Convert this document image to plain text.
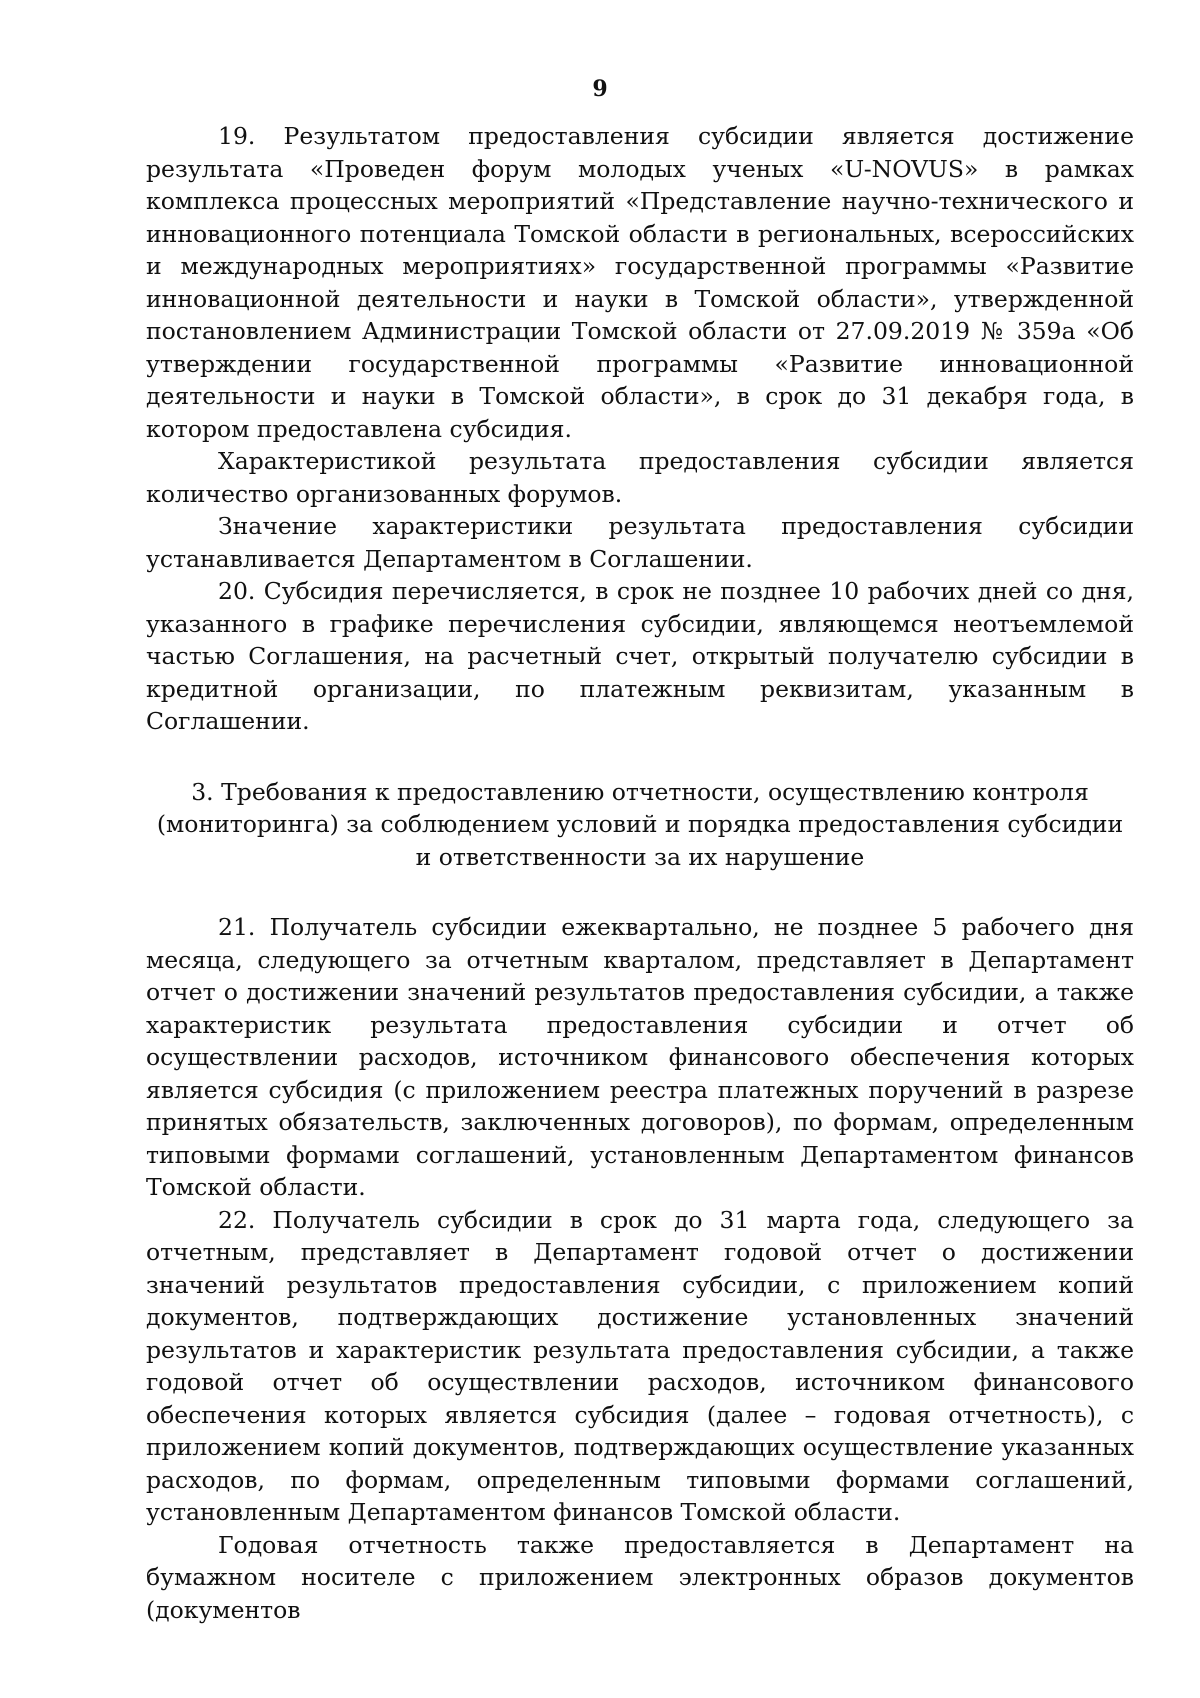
9

19. Результатом предоставления субсидии является достижение результата «Проведен форум молодых ученых «U-NOVUS» в рамках комплекса процессных мероприятий «Представление научно-технического и инновационного потенциала Томской области в региональных, всероссийских и международных мероприятиях» государственной программы «Развитие инновационной деятельности и науки в Томской области», утвержденной постановлением Администрации Томской области от 27.09.2019 № 359а «Об утверждении государственной программы «Развитие инновационной деятельности и науки в Томской области», в срок до 31 декабря года, в котором предоставлена субсидия.

Характеристикой результата предоставления субсидии является количество организованных форумов.

Значение характеристики результата предоставления субсидии устанавливается Департаментом в Соглашении.

20. Субсидия перечисляется, в срок не позднее 10 рабочих дней со дня, указанного в графике перечисления субсидии, являющемся неотъемлемой частью Соглашения, на расчетный счет, открытый получателю субсидии в кредитной организации, по платежным реквизитам, указанным в Соглашении.

3. Требования к предоставлению отчетности, осуществлению контроля
(мониторинга) за соблюдением условий и порядка предоставления субсидии
и ответственности за их нарушение

21. Получатель субсидии ежеквартально, не позднее 5 рабочего дня месяца, следующего за отчетным кварталом, представляет в Департамент отчет о достижении значений результатов предоставления субсидии, а также характеристик результата предоставления субсидии и отчет об осуществлении расходов, источником финансового обеспечения которых является субсидия (с приложением реестра платежных поручений в разрезе принятых обязательств, заключенных договоров), по формам, определенным типовыми формами соглашений, установленным Департаментом финансов Томской области.

22. Получатель субсидии в срок до 31 марта года, следующего за отчетным, представляет в Департамент годовой отчет о достижении значений результатов предоставления субсидии, с приложением копий документов, подтверждающих достижение установленных значений результатов и характеристик результата предоставления субсидии, а также годовой отчет об осуществлении расходов, источником финансового обеспечения которых является субсидия (далее – годовая отчетность), с приложением копий документов, подтверждающих осуществление указанных расходов, по формам, определенным типовыми формами соглашений, установленным Департаментом финансов Томской области.

Годовая отчетность также предоставляется в Департамент на бумажном носителе с приложением электронных образов документов (документов
